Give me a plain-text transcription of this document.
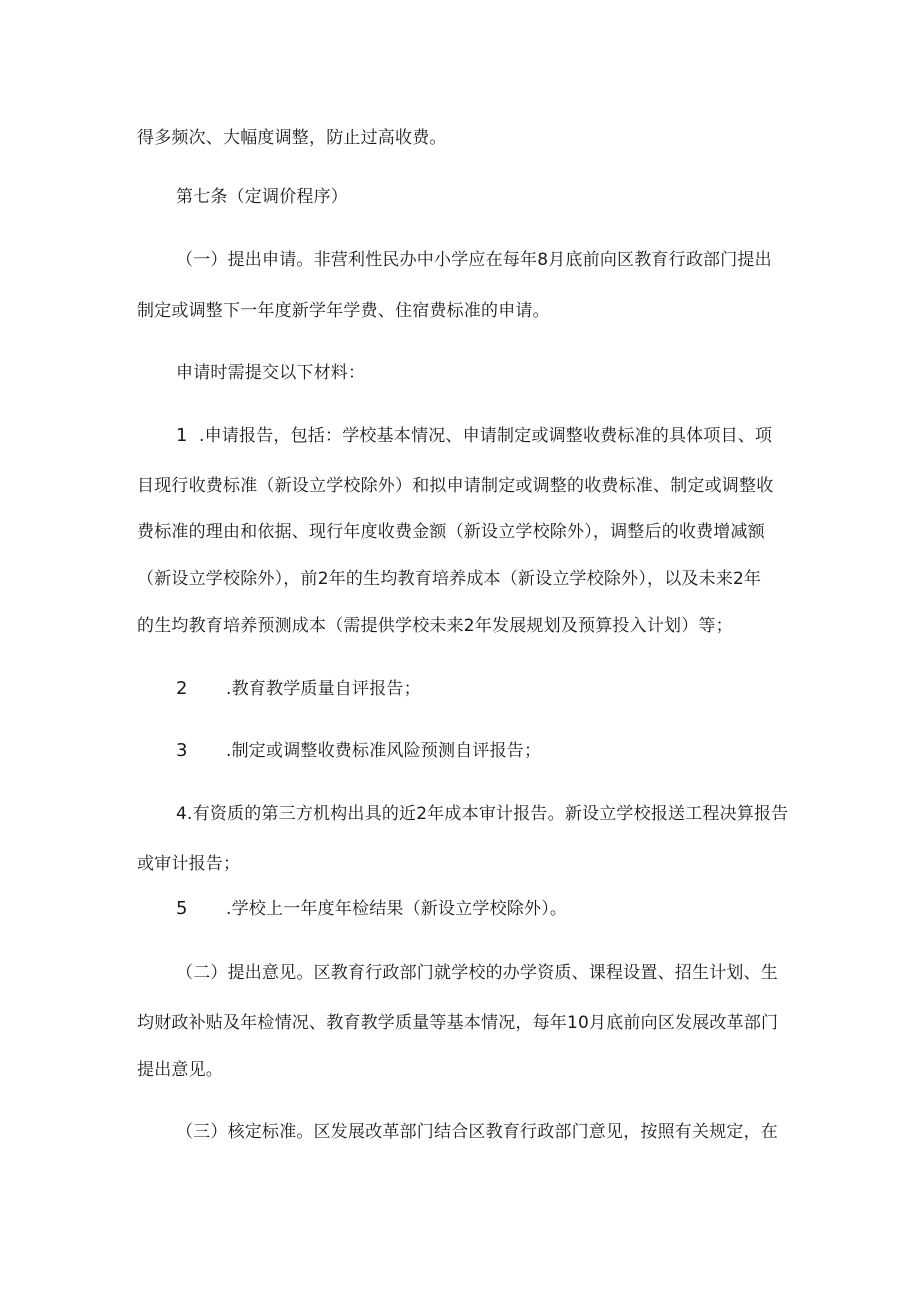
得多频次、大幅度调整，防止过高收费。
第七条（定调价程序）
（一）提出申请。非营利性民办中小学应在每年8月底前向区教育行政部门提出
制定或调整下一年度新学年学费、住宿费标准的申请。
申请时需提交以下材料：
1 .申请报告，包括：学校基本情况、申请制定或调整收费标准的具体项目、项
目现行收费标准（新设立学校除外）和拟申请制定或调整的收费标准、制定或调整收
费标准的理由和依据、现行年度收费金额（新设立学校除外），调整后的收费增减额
（新设立学校除外），前2年的生均教育培养成本（新设立学校除外），以及未来2年
的生均教育培养预测成本（需提供学校未来2年发展规划及预算投入计划）等；
2 .教育教学质量自评报告；
3 .制定或调整收费标准风险预测自评报告；
4.有资质的第三方机构出具的近2年成本审计报告。新设立学校报送工程决算报告
或审计报告；
5 .学校上一年度年检结果（新设立学校除外）。
（二）提出意见。区教育行政部门就学校的办学资质、课程设置、招生计划、生
均财政补贴及年检情况、教育教学质量等基本情况，每年10月底前向区发展改革部门
提出意见。
（三）核定标准。区发展改革部门结合区教育行政部门意见，按照有关规定，在
